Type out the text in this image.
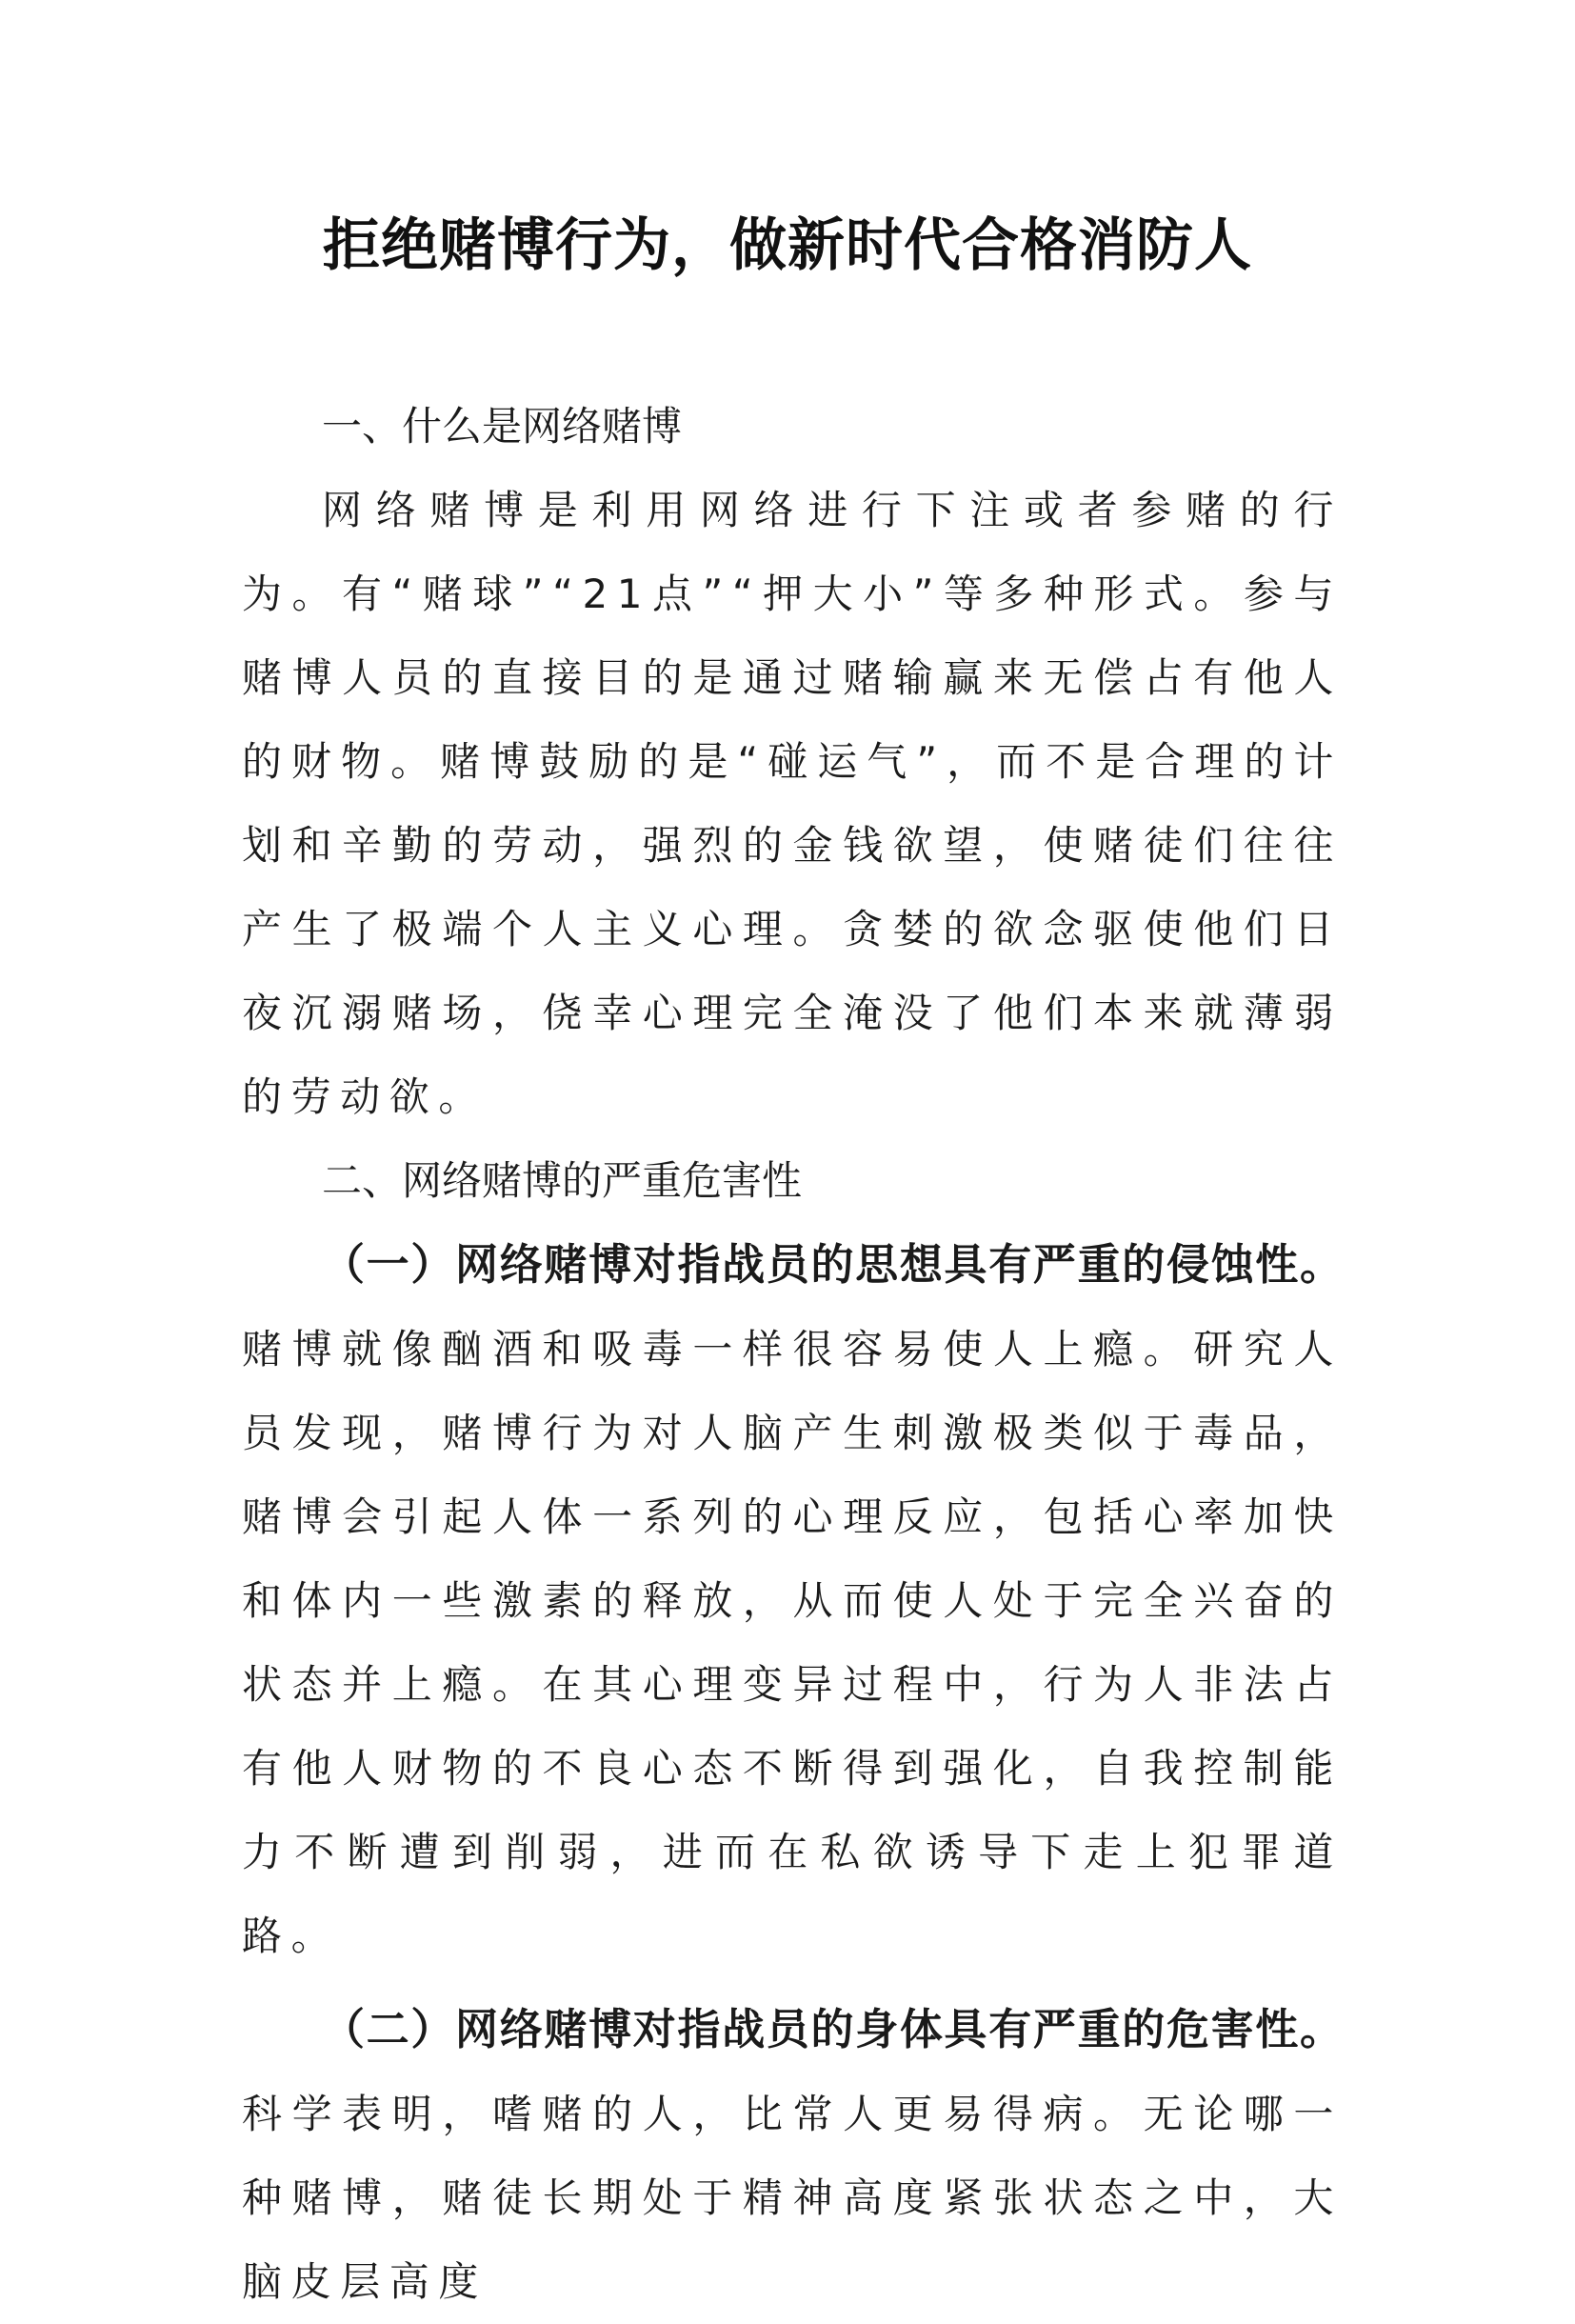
拒绝赌博行为，做新时代合格消防人

一、什么是网络赌博

网络赌博是利用网络进行下注或者参赌的行为。有“赌球”“21点”“押大小”等多种形式。参与赌博人员的直接目的是通过赌输赢来无偿占有他人的财物。赌博鼓励的是“碰运气”，而不是合理的计划和辛勤的劳动，强烈的金钱欲望，使赌徒们往往产生了极端个人主义心理。贪婪的欲念驱使他们日夜沉溺赌场，侥幸心理完全淹没了他们本来就薄弱的劳动欲。

二、网络赌博的严重危害性

（一）网络赌博对指战员的思想具有严重的侵蚀性。赌博就像酗酒和吸毒一样很容易使人上瘾。研究人员发现，赌博行为对人脑产生刺激极类似于毒品，赌博会引起人体一系列的心理反应，包括心率加快和体内一些激素的释放，从而使人处于完全兴奋的状态并上瘾。在其心理变异过程中，行为人非法占有他人财物的不良心态不断得到强化，自我控制能力不断遭到削弱，进而在私欲诱导下走上犯罪道路。

（二）网络赌博对指战员的身体具有严重的危害性。科学表明，嗜赌的人，比常人更易得病。无论哪一种赌博，赌徒长期处于精神高度紧张状态之中，大脑皮层高度
